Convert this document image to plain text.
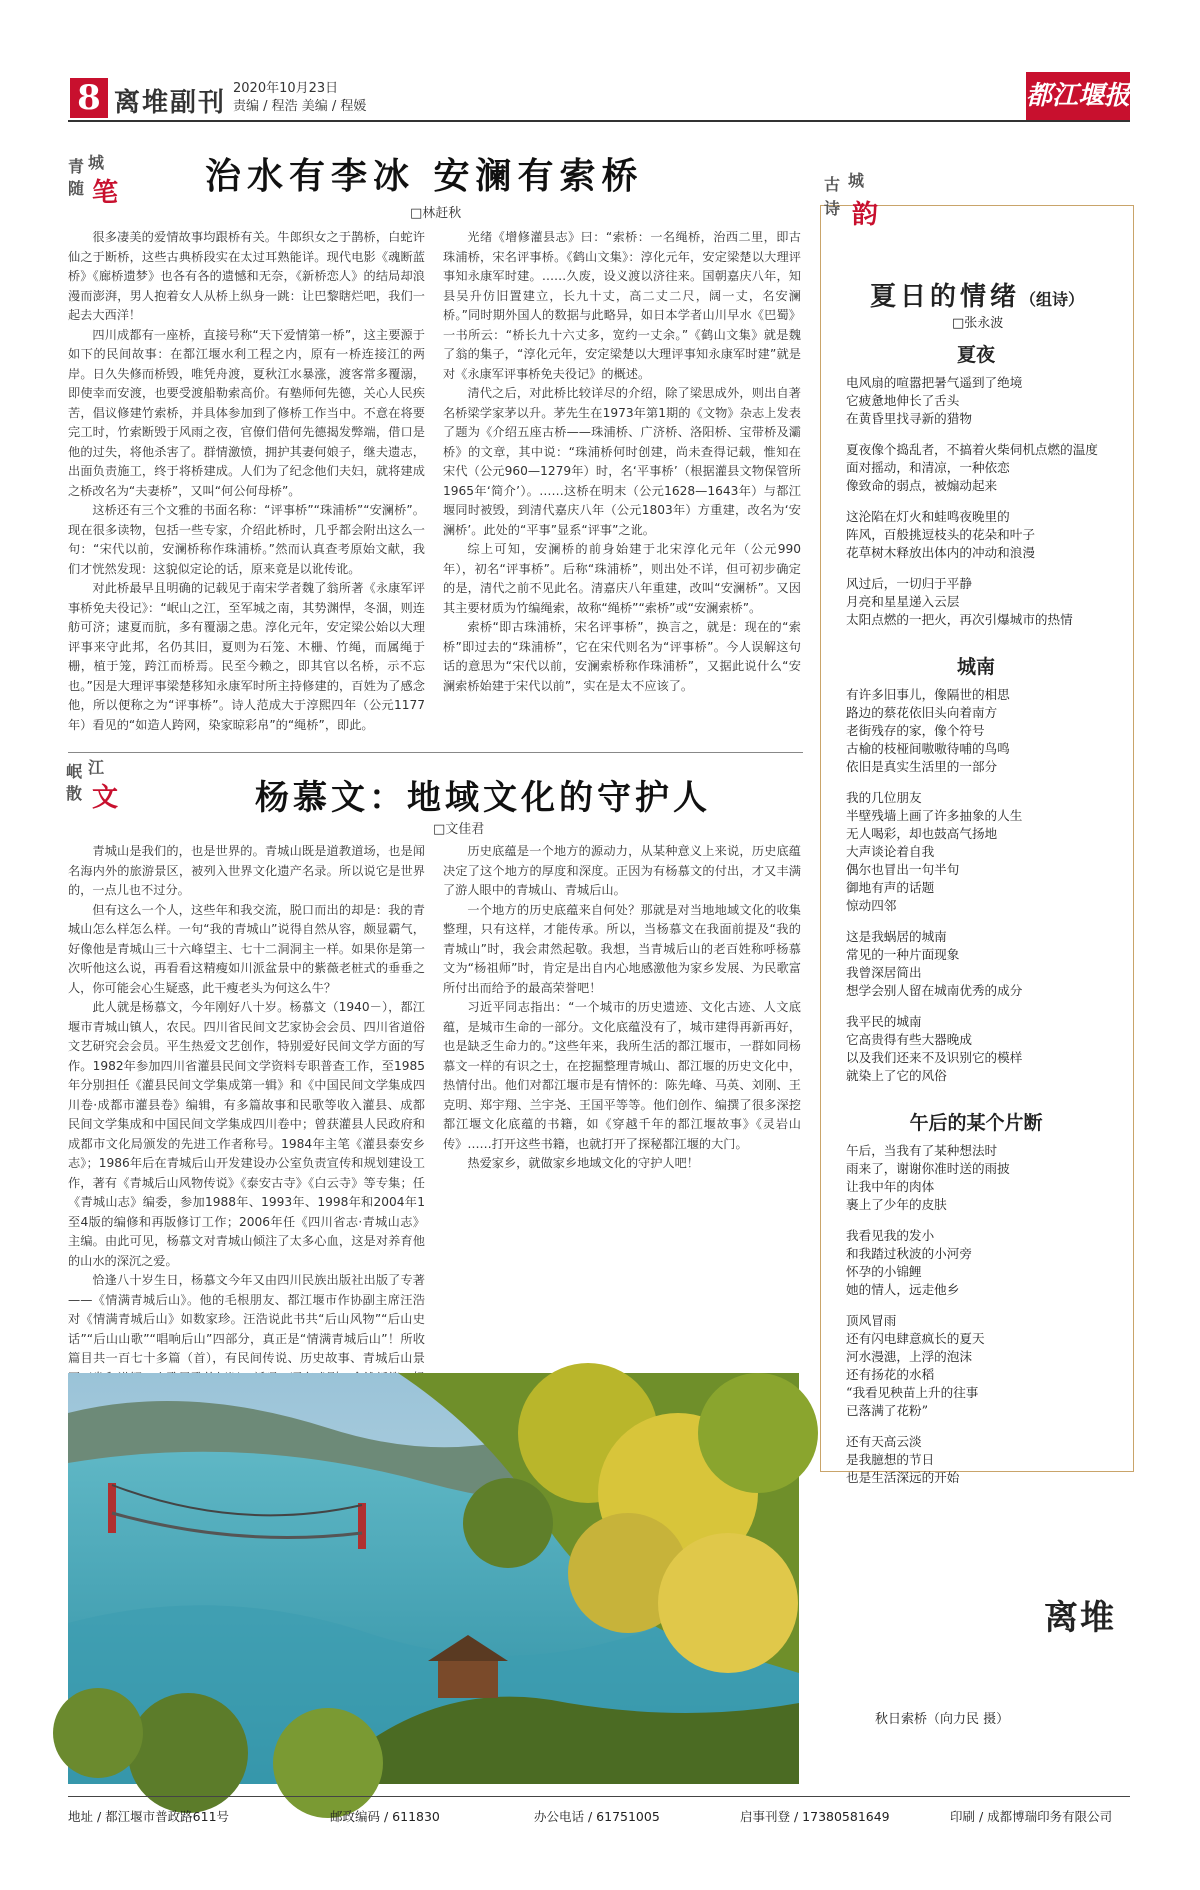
8 离堆副刊 2020年10月23日
责编 / 程浩 美编 / 程媛	都江堰报
青 城
随 笔 治水有李冰 安澜有索桥
□林赶秋

很多凄美的爱情故事均跟桥有关。牛郎织女之于鹊桥，白蛇许仙之于断桥，这些古典桥段实在太过耳熟能详。现代电影《魂断蓝桥》《廊桥遗梦》也各有各的遗憾和无奈，《新桥恋人》的结局却浪漫而澎湃，男人抱着女人从桥上纵身一跳：让巴黎瞎烂吧，我们一起去大西洋！

四川成都有一座桥，直接号称“天下爱情第一桥”，这主要源于如下的民间故事：在都江堰水利工程之内，原有一桥连接江的两岸。日久失修而桥毁，唯凭舟渡，夏秋江水暴涨，渡客常多覆溺，即使幸而安渡，也要受渡船勒索高价。有塾师何先德，关心人民疾苦，倡议修建竹索桥，并具体参加到了修桥工作当中。不意在将要完工时，竹索断毁于风雨之夜，官僚们借何先德揭发弊端，借口是他的过失，将他杀害了。群情激愤，拥护其妻何娘子，继夫遗志，出面负责施工，终于将桥建成。人们为了纪念他们夫妇，就将建成之桥改名为“夫妻桥”，又叫“何公何母桥”。

这桥还有三个文雅的书面名称：“评事桥”“珠浦桥”“安澜桥”。现在很多读物，包括一些专家，介绍此桥时，几乎都会附出这么一句：“宋代以前，安澜桥称作珠浦桥。”然而认真查考原始文献，我们才恍然发现：这貌似定论的话，原来竟是以讹传讹。

对此桥最早且明确的记载见于南宋学者魏了翁所著《永康军评事桥免夫役记》：“岷山之江，至军城之南，其势渊悍，冬涸，则连舫可济；逮夏而肮，多有覆溺之患。淳化元年，安定梁公始以大理评事来守此邦，名仍其旧，夏则为石笼、木栅、竹绳，而属绳于栅，植于笼，跨江而桥焉。民至今赖之，即其官以名桥，示不忘也。”因是大理评事梁楚移知永康军时所主持修建的，百姓为了感念他，所以便称之为“评事桥”。诗人范成大于淳熙四年（公元1177年）看见的“如造人跨网，染家晾彩帛”的“绳桥”，即此。

光绪《增修灌县志》曰：“索桥：一名绳桥，治西二里，即古珠浦桥，宋名评事桥。《鹤山文集》：淳化元年，安定梁楚以大理评事知永康军时建。……久废，设义渡以济往来。国朝嘉庆八年，知县吴升仿旧置建立，长九十丈，高二丈二尺，阔一丈，名安澜桥。”同时期外国人的数据与此略异，如日本学者山川早水《巴蜀》一书所云：“桥长九十六丈多，宽约一丈余。”《鹤山文集》就是魏了翁的集子，“淳化元年，安定梁楚以大理评事知永康军时建”就是对《永康军评事桥免夫役记》的概述。

清代之后，对此桥比较详尽的介绍，除了梁思成外，则出自著名桥梁学家茅以升。茅先生在1973年第1期的《文物》杂志上发表了题为《介绍五座古桥——珠浦桥、广济桥、洛阳桥、宝带桥及灞桥》的文章，其中说：“珠浦桥何时创建，尚未查得记载，惟知在宋代（公元960—1279年）时，名‘平事桥’（根据灌县文物保管所1965年‘简介’）。……这桥在明末（公元1628—1643年）与都江堰同时被毁，到清代嘉庆八年（公元1803年）方重建，改名为‘安澜桥’。此处的“平事”显系“评事”之讹。

综上可知，安澜桥的前身始建于北宋淳化元年（公元990年），初名“评事桥”。后称“珠浦桥”，则出处不详，但可初步确定的是，清代之前不见此名。清嘉庆八年重建，改叫“安澜桥”。又因其主要材质为竹编绳索，故称“绳桥”“索桥”或“安澜索桥”。

索桥“即古珠浦桥，宋名评事桥”，换言之，就是：现在的“索桥”即过去的“珠浦桥”，它在宋代则名为“评事桥”。今人误解这句话的意思为“宋代以前，安澜索桥称作珠浦桥”，又据此说什么“安澜索桥始建于宋代以前”，实在是太不应该了。

岷 江
散 文	杨慕文：地域文化的守护人
□文佳君

青城山是我们的，也是世界的。青城山既是道教道场，也是闻名海内外的旅游景区，被列入世界文化遗产名录。所以说它是世界的，一点儿也不过分。

但有这么一个人，这些年和我交流，脱口而出的却是：我的青城山怎么样怎么样。一句“我的青城山”说得自然从容，颇显霸气，好像他是青城山三十六峰望主、七十二洞洞主一样。如果你是第一次听他这么说，再看看这精瘦如川派盆景中的紫薇老桩式的垂垂之人，你可能会心生疑惑，此干瘦老头为何这么牛？

此人就是杨慕文，今年刚好八十岁。杨慕文（1940－），都江堰市青城山镇人，农民。四川省民间文艺家协会会员、四川省道俗文艺研究会会员。平生热爱文艺创作，特别爱好民间文学方面的写作。1982年参加四川省灌县民间文学资料专职普查工作，至1985年分别担任《灌县民间文学集成第一辑》和《中国民间文学集成四川卷·成都市灌县卷》编辑，有多篇故事和民歌等收入灌县、成都民间文学集成和中国民间文学集成四川卷中；曾获灌县人民政府和成都市文化局颁发的先进工作者称号。1984年主笔《灌县泰安乡志》；1986年后在青城后山开发建设办公室负责宣传和规划建设工作，著有《青城后山风物传说》《泰安古寺》《白云寺》等专集；任《青城山志》编委，参加1988年、1993年、1998年和2004年1至4版的编修和再版修订工作；2006年任《四川省志·青城山志》主编。由此可见，杨慕文对青城山倾注了太多心血，这是对养育他的山水的深沉之爱。

恰逢八十岁生日，杨慕文今年又由四川民族出版社出版了专著——《情满青城后山》。他的毛根朋友、都江堰市作协副主席汪浩对《情满青城后山》如数家珍。汪浩说此书共“后山风物”“后山史话”“后山山歌”“唱响后山”四部分，真正是“情满青城后山”！所收篇目共一百七十多篇（首），有民间传说、历史故事、青城后山景

历史底蕴是一个地方的源动力，从某种意义上来说，历史底蕴决定了这个地方的厚度和深度。正因为有杨慕文的付出，才又丰满了游人眼中的青城山、青城后山。

一个地方的历史底蕴来自何处？那就是对当地地域文化的收集整理，只有这样，才能传承。所以，当杨慕文在我面前提及“我的青城山”时，我会肃然起敬。我想，当青城后山的老百姓称呼杨慕文为“杨祖师”时，肯定是出自内心地感激他为家乡发展、为民歌富所付出而给予的最高荣誉吧！

习近平同志指出：“一个城市的历史遗迹、文化古迹、人文底蕴，是城市生命的一部分。文化底蕴没有了，城市建得再新再好，也是缺乏生命力的。”这些年来，我所生活的都江堰市，一群如同杨慕文一样的有识之士，在挖掘整理青城山、都江堰的历史文化中，热情付出。他们对都江堰市是有情怀的：陈先峰、马英、刘刚、王克明、郑宇翔、兰宇尧、王国平等等。他们创作、编撰了很多深挖都江堰文化底蕴的书籍，如《穿越千年的都江堰故事》《灵岩山传》……打开这些书籍，也就打开了探秘都江堰的大门。

热爱家乡，就做家乡地域文化的守护人吧！

古 城
诗 韵
夏日的情绪（组诗）
□张永波
夏夜
电风扇的喧嚣把暑气遥到了绝境
它疲惫地伸长了舌头
在黄昏里找寻新的猎物
夏夜像个捣乱者，不搞着火柴伺机点燃的温度
面对摇动，和清凉，一种依恋
像致命的弱点，被煽动起来
这沦陷在灯火和蛙鸣夜晚里的
阵风，百般挑逗枝头的花朵和叶子
花草树木释放出体内的冲动和浪漫
风过后，一切归于平静
月亮和星星递入云层
太阳点燃的一把火，再次引爆城市的热情
城南
有许多旧事儿，像隔世的相思
路边的蔡花依旧头向着南方
老街残存的家，像个符号
古榆的枝桠间嗷嗷待哺的鸟鸣
依旧是真实生活里的一部分
我的几位朋友
半壁残墙上画了许多抽象的人生
无人喝彩，却也鼓高气扬地
大声谈论着自我
偶尔也冒出一句半句
御地有声的话题
惊动四邻
这是我蜗居的城南
常见的一种片面现象
我曾深居简出
想学会别人留在城南优秀的成分
我平民的城南
它高贵得有些大器晚成
以及我们还来不及识别它的模样
就染上了它的风俗
午后的某个片断
午后，当我有了某种想法时
雨来了，谢谢你准时送的雨披
让我中年的肉体
裹上了少年的皮肤
我看见我的发小
和我踏过秋波的小河旁
怀孕的小锦鲤
她的情人，远走他乡
顶风冒雨
还有闪电肆意疯长的夏天
河水漫漶，上浮的泡沫
还有扬花的水稻
“我看见秧苗上升的往事
已落满了花粉”
还有天高云淡
是我臆想的节日
也是生活深远的开始
离堆
秋日索桥（向力民 摄）
地址 / 都江堰市普政路611号	邮政编码 / 611830	办公电话 / 61751005	启事刊登 / 17380581649	印刷 / 成都博瑞印务有限公司
